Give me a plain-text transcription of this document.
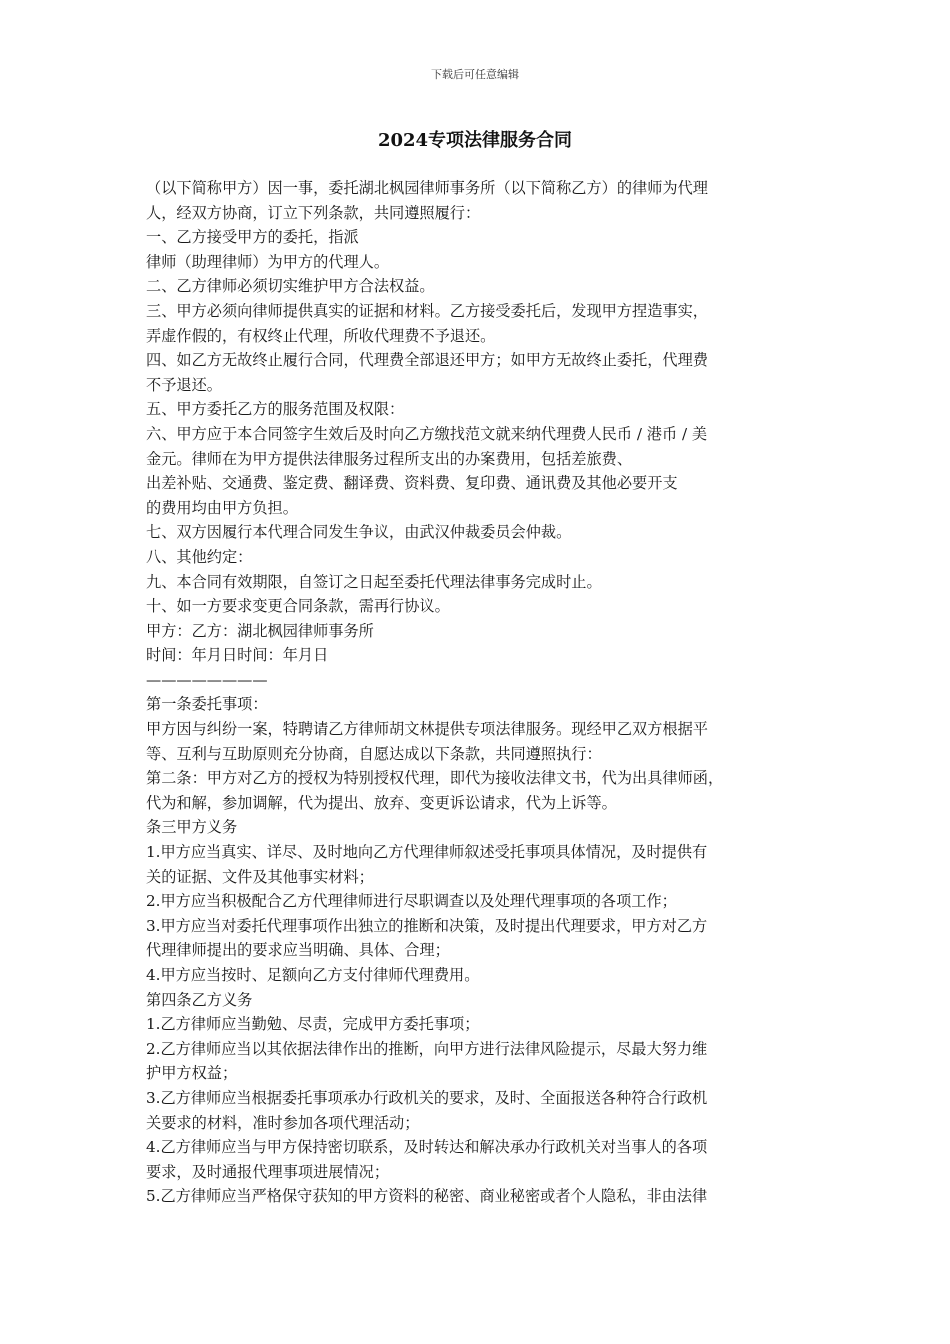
下载后可任意编辑
2024专项法律服务合同
（以下简称甲方）因一事，委托湖北枫园律师事务所（以下简称乙方）的律师为代理
人，经双方协商，订立下列条款，共同遵照履行：
一、乙方接受甲方的委托，指派
律师（助理律师）为甲方的代理人。
二、乙方律师必须切实维护甲方合法权益。
三、甲方必须向律师提供真实的证据和材料。乙方接受委托后，发现甲方捏造事实，
弄虚作假的，有权终止代理，所收代理费不予退还。
四、如乙方无故终止履行合同，代理费全部退还甲方；如甲方无故终止委托，代理费
不予退还。
五、甲方委托乙方的服务范围及权限：
六、甲方应于本合同签字生效后及时向乙方缴找范文就来纳代理费人民币 / 港币 / 美
金元。律师在为甲方提供法律服务过程所支出的办案费用，包括差旅费、
出差补贴、交通费、鉴定费、翻译费、资料费、复印费、通讯费及其他必要开支
的费用均由甲方负担。
七、双方因履行本代理合同发生争议，由武汉仲裁委员会仲裁。
八、其他约定：
九、本合同有效期限，自签订之日起至委托代理法律事务完成时止。
十、如一方要求变更合同条款，需再行协议。
甲方：乙方：湖北枫园律师事务所
时间：年月日时间：年月日
————————
第一条委托事项：
甲方因与纠纷一案，特聘请乙方律师胡文林提供专项法律服务。现经甲乙双方根据平
等、互利与互助原则充分协商，自愿达成以下条款，共同遵照执行：
第二条：甲方对乙方的授权为特别授权代理，即代为接收法律文书，代为出具律师函，
代为和解，参加调解，代为提出、放弃、变更诉讼请求，代为上诉等。
条三甲方义务
1.甲方应当真实、详尽、及时地向乙方代理律师叙述受托事项具体情况，及时提供有
关的证据、文件及其他事实材料；
2.甲方应当积极配合乙方代理律师进行尽职调查以及处理代理事项的各项工作；
3.甲方应当对委托代理事项作出独立的推断和决策，及时提出代理要求，甲方对乙方
代理律师提出的要求应当明确、具体、合理；
4.甲方应当按时、足额向乙方支付律师代理费用。
第四条乙方义务
1.乙方律师应当勤勉、尽责，完成甲方委托事项；
2.乙方律师应当以其依据法律作出的推断，向甲方进行法律风险提示，尽最大努力维
护甲方权益；
3.乙方律师应当根据委托事项承办行政机关的要求，及时、全面报送各种符合行政机
关要求的材料，准时参加各项代理活动；
4.乙方律师应当与甲方保持密切联系，及时转达和解决承办行政机关对当事人的各项
要求，及时通报代理事项进展情况；
5.乙方律师应当严格保守获知的甲方资料的秘密、商业秘密或者个人隐私，非由法律
